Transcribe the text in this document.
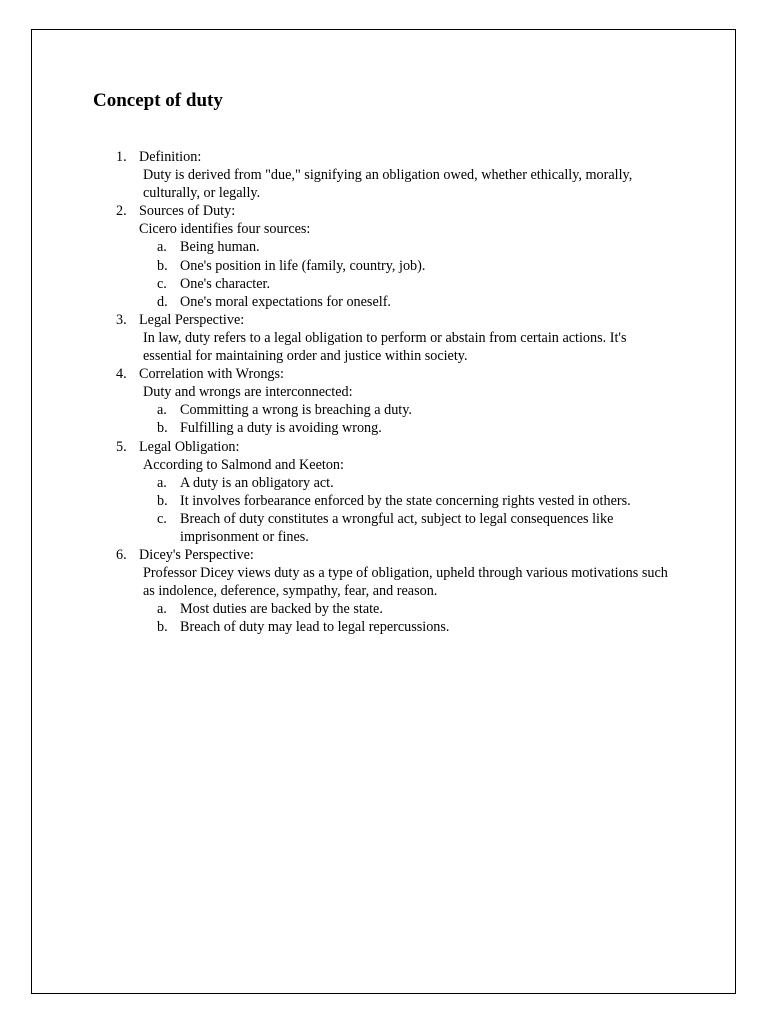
Concept of duty
1. Definition:
Duty is derived from "due," signifying an obligation owed, whether ethically, morally, culturally, or legally.
2. Sources of Duty:
Cicero identifies four sources:
a. Being human.
b. One's position in life (family, country, job).
c. One's character.
d. One's moral expectations for oneself.
3. Legal Perspective:
In law, duty refers to a legal obligation to perform or abstain from certain actions. It's essential for maintaining order and justice within society.
4. Correlation with Wrongs:
Duty and wrongs are interconnected:
a. Committing a wrong is breaching a duty.
b. Fulfilling a duty is avoiding wrong.
5. Legal Obligation:
According to Salmond and Keeton:
a. A duty is an obligatory act.
b. It involves forbearance enforced by the state concerning rights vested in others.
c. Breach of duty constitutes a wrongful act, subject to legal consequences like imprisonment or fines.
6. Dicey's Perspective:
Professor Dicey views duty as a type of obligation, upheld through various motivations such as indolence, deference, sympathy, fear, and reason.
a. Most duties are backed by the state.
b. Breach of duty may lead to legal repercussions.
